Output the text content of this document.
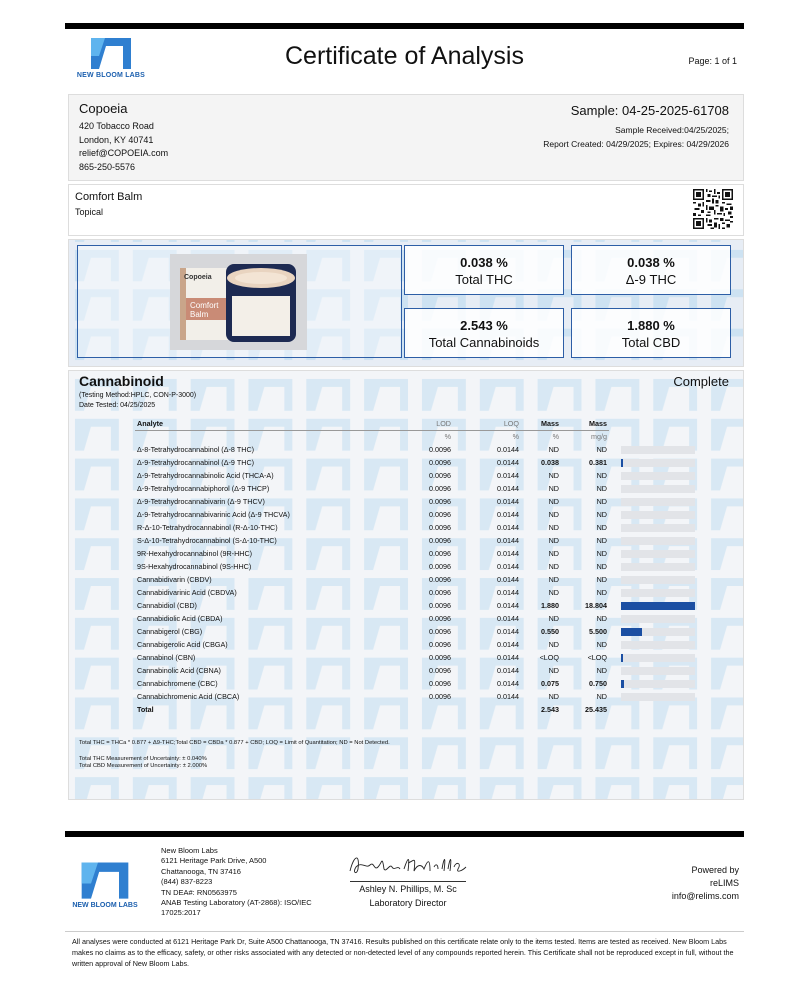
NEW BLOOM LABS
Certificate of Analysis	Page: 1 of 1
Copoeia
420 Tobacco Road
London, KY 40741
relief@COPOEIA.com
865-250-5576
Sample: 04-25-2025-61708
Sample Received:04/25/2025;
Report Created: 04/29/2025; Expires: 04/29/2026
Comfort Balm
Topical
Copoeia
Comfort
Balm
0.038 %
Total THC
0.038 %
Δ-9 THC
2.543 %
Total Cannabinoids
1.880 %
Total CBD
Cannabinoid	Complete
(Testing Method:HPLC, CON-P-3000)
Date Tested: 04/25/2025
Analyte	LOD	LOQ	Mass	Mass	
	%	%	%	mg/g	
Δ-8-Tetrahydrocannabinol (Δ-8 THC)	0.0096	0.0144	ND	ND	

Δ-9-Tetrahydrocannabinol (Δ-9 THC)	0.0096	0.0144	0.038	0.381	

Δ-9-Tetrahydrocannabinolic Acid (THCA-A)	0.0096	0.0144	ND	ND	

Δ-9-Tetrahydrocannabiphorol (Δ-9 THCP)	0.0096	0.0144	ND	ND	

Δ-9-Tetrahydrocannabivarin (Δ-9 THCV)	0.0096	0.0144	ND	ND	

Δ-9-Tetrahydrocannabivarinic Acid (Δ-9 THCVA)	0.0096	0.0144	ND	ND	

R-Δ-10-Tetrahydrocannabinol (R-Δ-10-THC)	0.0096	0.0144	ND	ND	

S-Δ-10-Tetrahydrocannabinol (S-Δ-10-THC)	0.0096	0.0144	ND	ND	

9R-Hexahydrocannabinol (9R-HHC)	0.0096	0.0144	ND	ND	

9S-Hexahydrocannabinol (9S-HHC)	0.0096	0.0144	ND	ND	

Cannabidivarin (CBDV)	0.0096	0.0144	ND	ND	

Cannabidivarinic Acid (CBDVA)	0.0096	0.0144	ND	ND	

Cannabidiol (CBD)	0.0096	0.0144	1.880	18.804	

Cannabidiolic Acid (CBDA)	0.0096	0.0144	ND	ND	

Cannabigerol (CBG)	0.0096	0.0144	0.550	5.500	

Cannabigerolic Acid (CBGA)	0.0096	0.0144	ND	ND	

Cannabinol (CBN)	0.0096	0.0144	<LOQ	<LOQ	

Cannabinolic Acid (CBNA)	0.0096	0.0144	ND	ND	

Cannabichromene (CBC)	0.0096	0.0144	0.075	0.750	

Cannabichromenic Acid (CBCA)	0.0096	0.0144	ND	ND	

Total			2.543	25.435	
Total THC = THCa * 0.877 + Δ9-THC;Total CBD = CBDa * 0.877 + CBD; LOQ = Limit of Quantitation; ND = Not Detected.
Total THC Measurement of Uncertainty: ± 0.040%
Total CBD Measurement of Uncertainty: ± 2.000%
NEW BLOOM LABS
New Bloom Labs
6121 Heritage Park Drive, A500
Chattanooga, TN 37416
(844) 837-8223
TN DEA#: RN0563975
ANAB Testing Laboratory (AT-2868): ISO/IEC
17025:2017
Ashley N. Phillips, M. Sc
Laboratory Director
Powered by
reLIMS
info@relims.com
All analyses were conducted at 6121 Heritage Park Dr, Suite A500 Chattanooga, TN 37416. Results published on this certificate relate only to the items tested. Items are tested as received. New Bloom Labs makes no claims as to the efficacy, safety, or other risks associated with any detected or non-detected level of any compounds reported herein. This Certificate shall not be reproduced except in full, without the written approval of New Bloom Labs.
